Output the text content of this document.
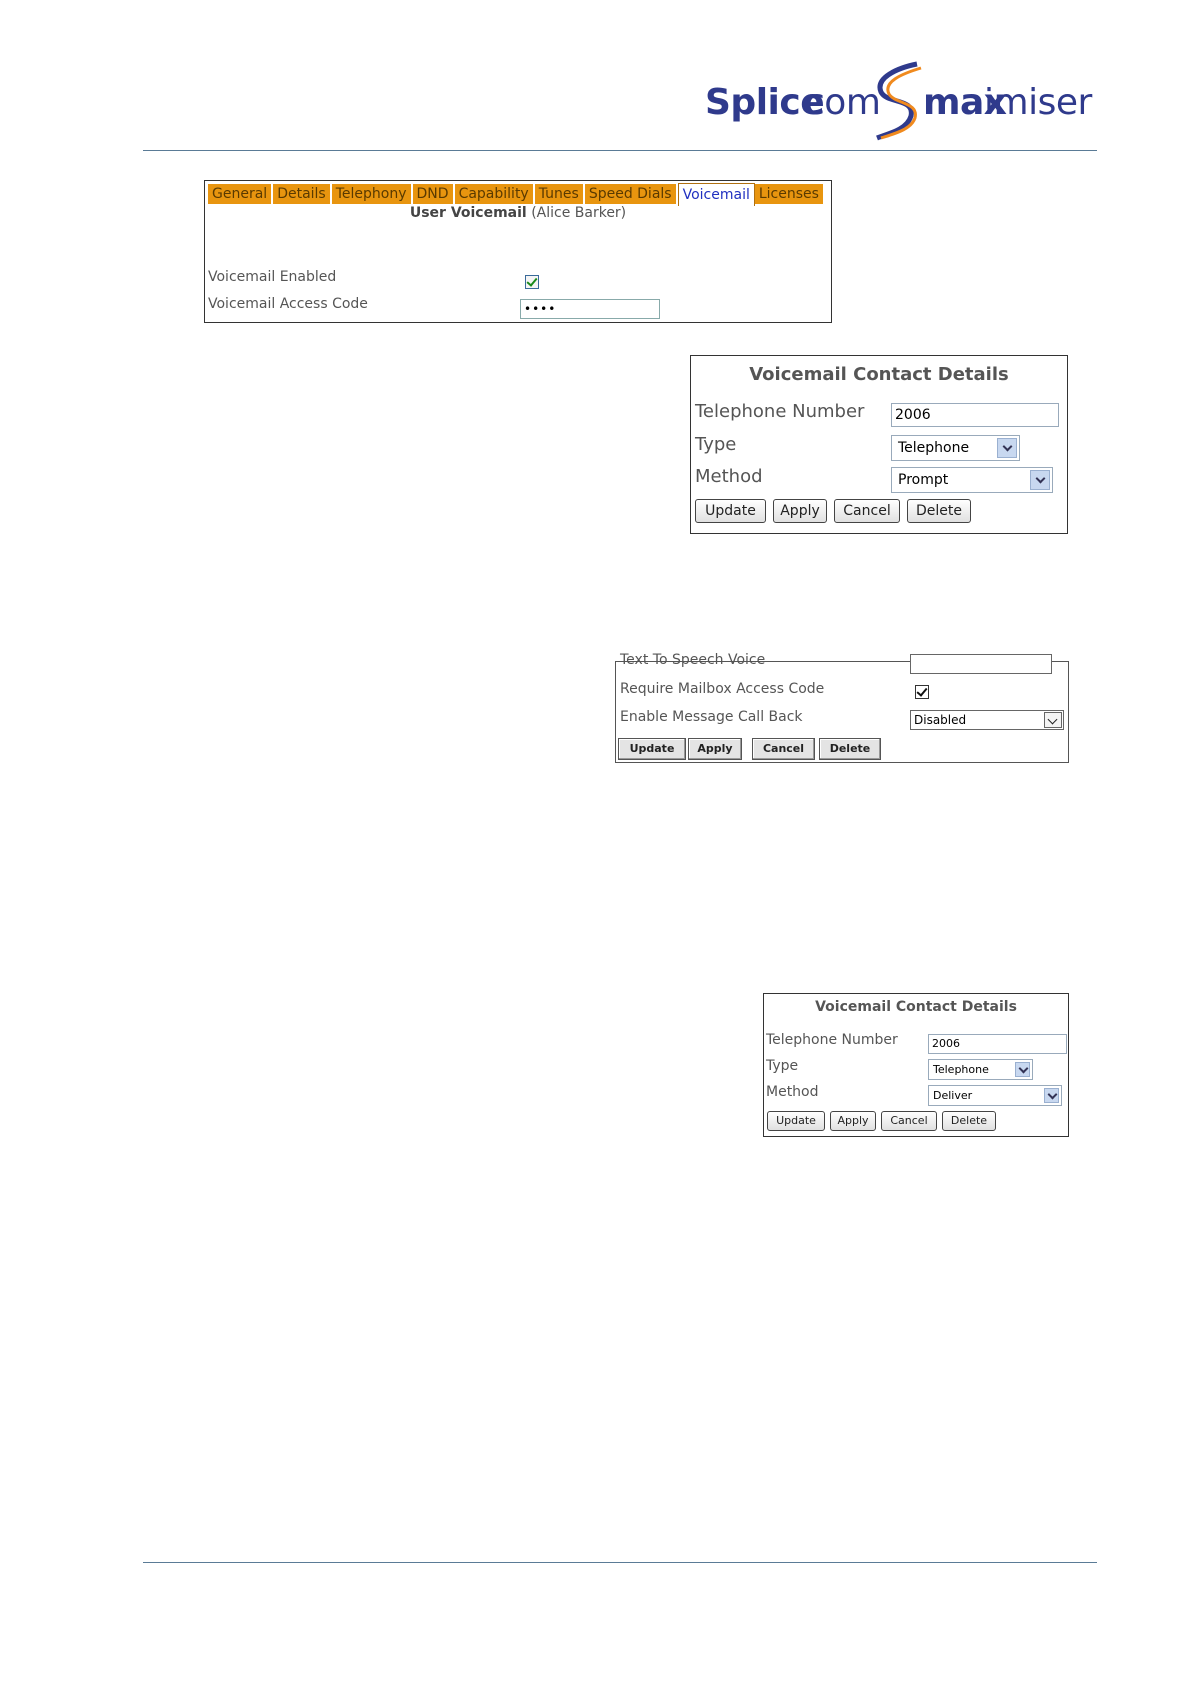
Splice
com max
imiser
General Details Telephony DND Capability Tunes Speed Dials Voicemail Licenses
User Voicemail (Alice Barker)
Voicemail Enabled
Voicemail Access Code	••••
Voicemail Contact Details
Telephone Number 2006
Type	Telephone
Method	Prompt
Update	Apply	Cancel	Delete
Text To Speech Voice
Require Mailbox Access Code
Enable Message Call Back	Disabled
Update	Apply	Cancel	Delete
Voicemail Contact Details
Telephone Number	2006
Type	Telephone
Method	Deliver
Update	Apply	Cancel	Delete
